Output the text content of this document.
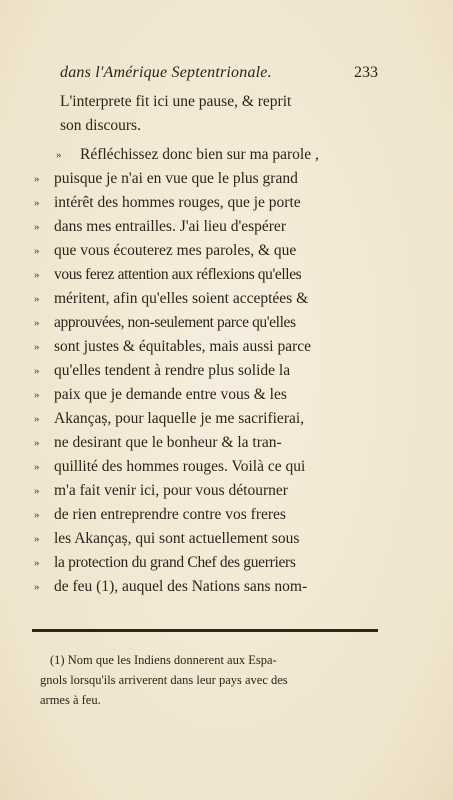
dans l'Amérique Septentrionale.	233
L'interprete fit ici une pause, & reprit
son discours.
»	Réfléchissez donc bien sur ma parole ,
» puisque je n'ai en vue que le plus grand
» intérêt des hommes rouges, que je porte
» dans mes entrailles. J'ai lieu d'espérer
» que vous écouterez mes paroles, & que
» vous ferez attention aux réflexions qu'elles
» méritent, afin qu'elles soient acceptées &
» approuvées, non-seulement parce qu'elles
» sont justes & équitables, mais aussi parce
» qu'elles tendent à rendre plus solide la
» paix que je demande entre vous & les
» Akançaș, pour laquelle je me sacrifierai,
» ne desirant que le bonheur & la tran-
» quillité des hommes rouges. Voilà ce qui
» m'a fait venir ici, pour vous détourner
» de rien entreprendre contre vos freres
» les Akançaș, qui sont actuellement sous
» la protection du grand Chef des guerriers
» de feu (1), auquel des Nations sans nom-
(1) Nom que les Indiens donnerent aux Espa-
gnols lorsqu'ils arriverent dans leur pays avec des
armes à feu.
